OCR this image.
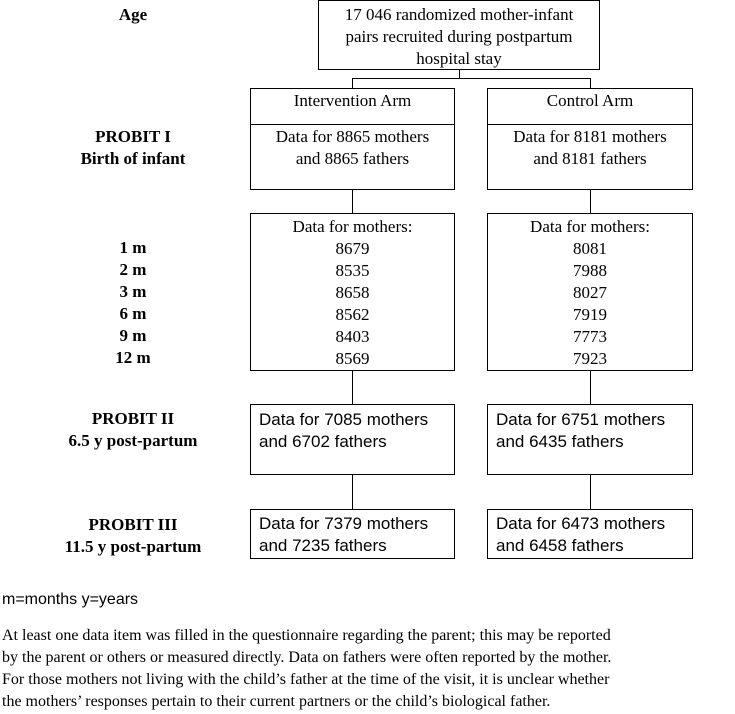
Age
PROBIT I
Birth of infant
1 m
2 m
3 m
6 m
9 m
12 m
PROBIT II
6.5 y post-partum
PROBIT III
11.5 y post-partum
17 046 randomized mother-infant
pairs recruited during postpartum
hospital stay
Intervention Arm
Data for 8865 mothers
and 8865 fathers
Control Arm
Data for 8181 mothers
and 8181 fathers
Data for mothers:
8679
8535
8658
8562
8403
8569
Data for mothers:
8081
7988
8027
7919
7773
7923
Data for 7085 mothers
and 6702 fathers
Data for 6751 mothers
and 6435 fathers
Data for 7379 mothers
and 7235 fathers
Data for 6473 mothers
and 6458 fathers
m=months y=years
At least one data item was filled in the questionnaire regarding the parent; this may be reported
by the parent or others or measured directly. Data on fathers were often reported by the mother.
For those mothers not living with the child’s father at the time of the visit, it is unclear whether
the mothers’ responses pertain to their current partners or the child’s biological father.
